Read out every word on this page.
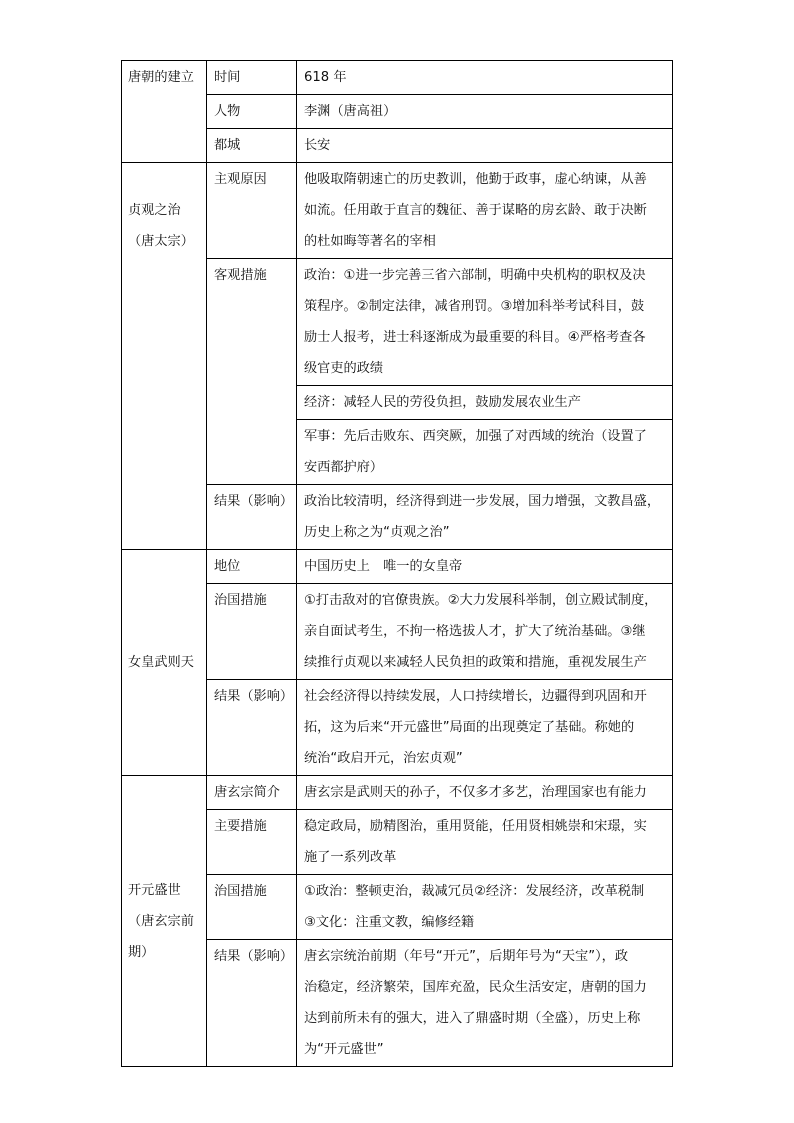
唐朝的建立	时间	618 年
	人物	李渊（唐高祖）
	都城	长安

贞观之治
（唐太宗）	主观原因	他吸取隋朝速亡的历史教训，他勤于政事，虚心纳谏，从善
如流。任用敢于直言的魏征、善于谋略的房玄龄、敢于决断
的杜如晦等著名的宰相

	客观措施	政治：①进一步完善三省六部制，明确中央机构的职权及决
策程序。②制定法律，减省刑罚。③增加科举考试科目，鼓
励士人报考，进士科逐渐成为最重要的科目。④严格考查各
级官吏的政绩

		经济：减轻人民的劳役负担，鼓励发展农业生产

		军事：先后击败东、西突厥，加强了对西域的统治（设置了
安西都护府）

	结果（影响）	政治比较清明，经济得到进一步发展，国力增强，文教昌盛，
历史上称之为“贞观之治”

女皇武则天	地位	中国历史上　唯一的女皇帝
	治国措施	①打击敌对的官僚贵族。②大力发展科举制，创立殿试制度，
亲自面试考生，不拘一格选拔人才，扩大了统治基础。③继
续推行贞观以来减轻人民负担的政策和措施，重视发展生产

	结果（影响）	社会经济得以持续发展，人口持续增长，边疆得到巩固和开
拓，这为后来“开元盛世”局面的出现奠定了基础。称她的
统治“政启开元，治宏贞观”

开元盛世
（唐玄宗前
期）	唐玄宗简介	唐玄宗是武则天的孙子，不仅多才多艺，治理国家也有能力
	主要措施	稳定政局，励精图治，重用贤能，任用贤相姚崇和宋璟，实
施了一系列改革

	治国措施	①政治：整顿吏治，裁减冗员②经济：发展经济，改革税制
③文化：注重文教，编修经籍

	结果（影响）	唐玄宗统治前期（年号“开元”，后期年号为“天宝”），政
治稳定，经济繁荣，国库充盈，民众生活安定，唐朝的国力
达到前所未有的强大，进入了鼎盛时期（全盛），历史上称
为“开元盛世”
